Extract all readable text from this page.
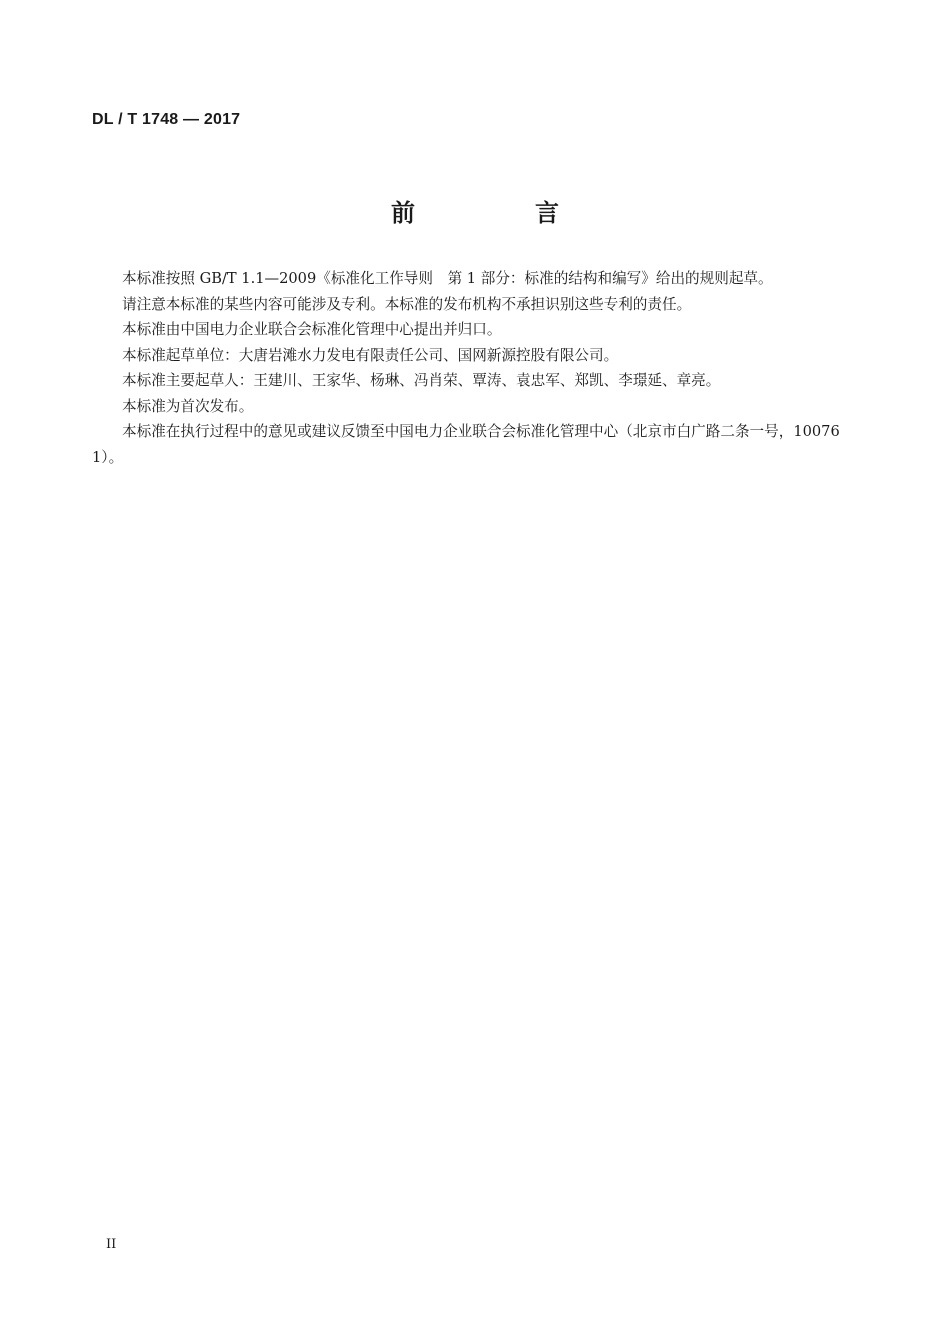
DL / T 1748 — 2017
前　言

本标准按照 GB/T 1.1—2009《标准化工作导则　第 1 部分：标准的结构和编写》给出的规则起草。

请注意本标准的某些内容可能涉及专利。本标准的发布机构不承担识别这些专利的责任。

本标准由中国电力企业联合会标准化管理中心提出并归口。

本标准起草单位：大唐岩滩水力发电有限责任公司、国网新源控股有限公司。

本标准主要起草人：王建川、王家华、杨琳、冯肖荣、覃涛、袁忠军、郑凯、李璟延、章亮。

本标准为首次发布。

本标准在执行过程中的意见或建议反馈至中国电力企业联合会标准化管理中心（北京市白广路二条一号，100761）。

II
